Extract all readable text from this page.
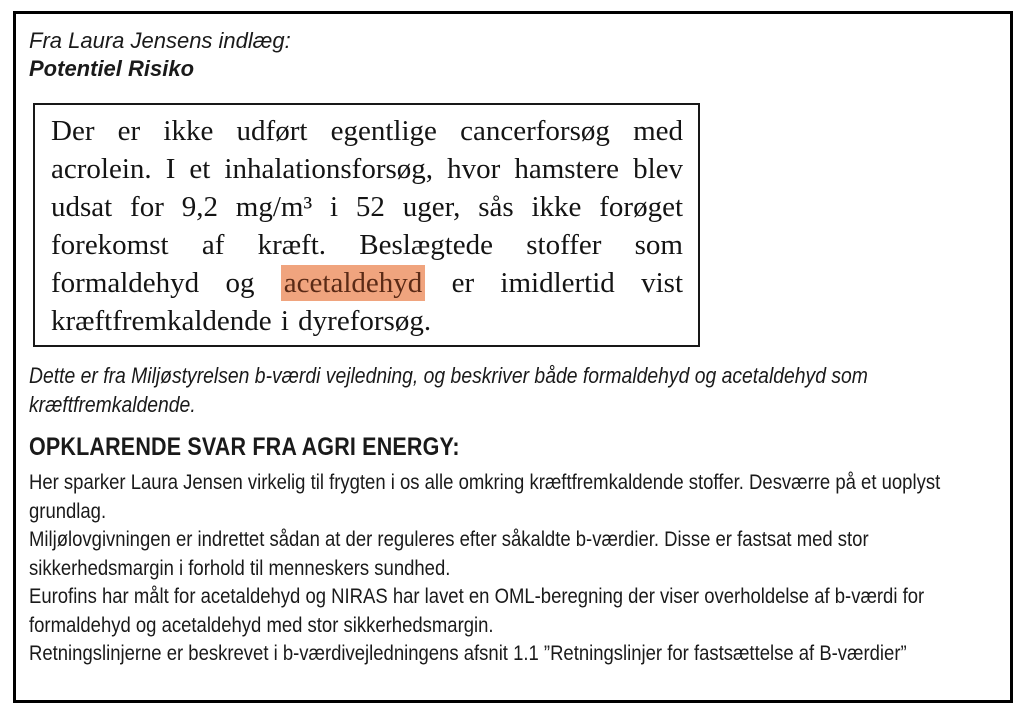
Fra Laura Jensens indlæg:
Potentiel Risiko
Der er ikke udført egentlige cancerforsøg med acrolein. I et inhalationsforsøg, hvor hamstere blev udsat for 9,2 mg/m³ i 52 uger, sås ikke forøget forekomst af kræft. Beslægtede stoffer som formaldehyd og acetaldehyd er imidlertid vist kræftfremkaldende i dyreforsøg.
Dette er fra Miljøstyrelsen b-værdi vejledning, og beskriver både formaldehyd og acetaldehyd som kræftfremkaldende.
OPKLARENDE SVAR FRA AGRI ENERGY:

Her sparker Laura Jensen virkelig til frygten i os alle omkring kræftfremkaldende stoffer. Desværre på et uoplyst grundlag.

Miljølovgivningen er indrettet sådan at der reguleres efter såkaldte b-værdier. Disse er fastsat med stor sikkerhedsmargin i forhold til menneskers sundhed.

Eurofins har målt for acetaldehyd og NIRAS har lavet en OML-beregning der viser overholdelse af b-værdi for formaldehyd og acetaldehyd med stor sikkerhedsmargin.

Retningslinjerne er beskrevet i b-værdivejledningens afsnit 1.1 ”Retningslinjer for fastsættelse af B-værdier”
